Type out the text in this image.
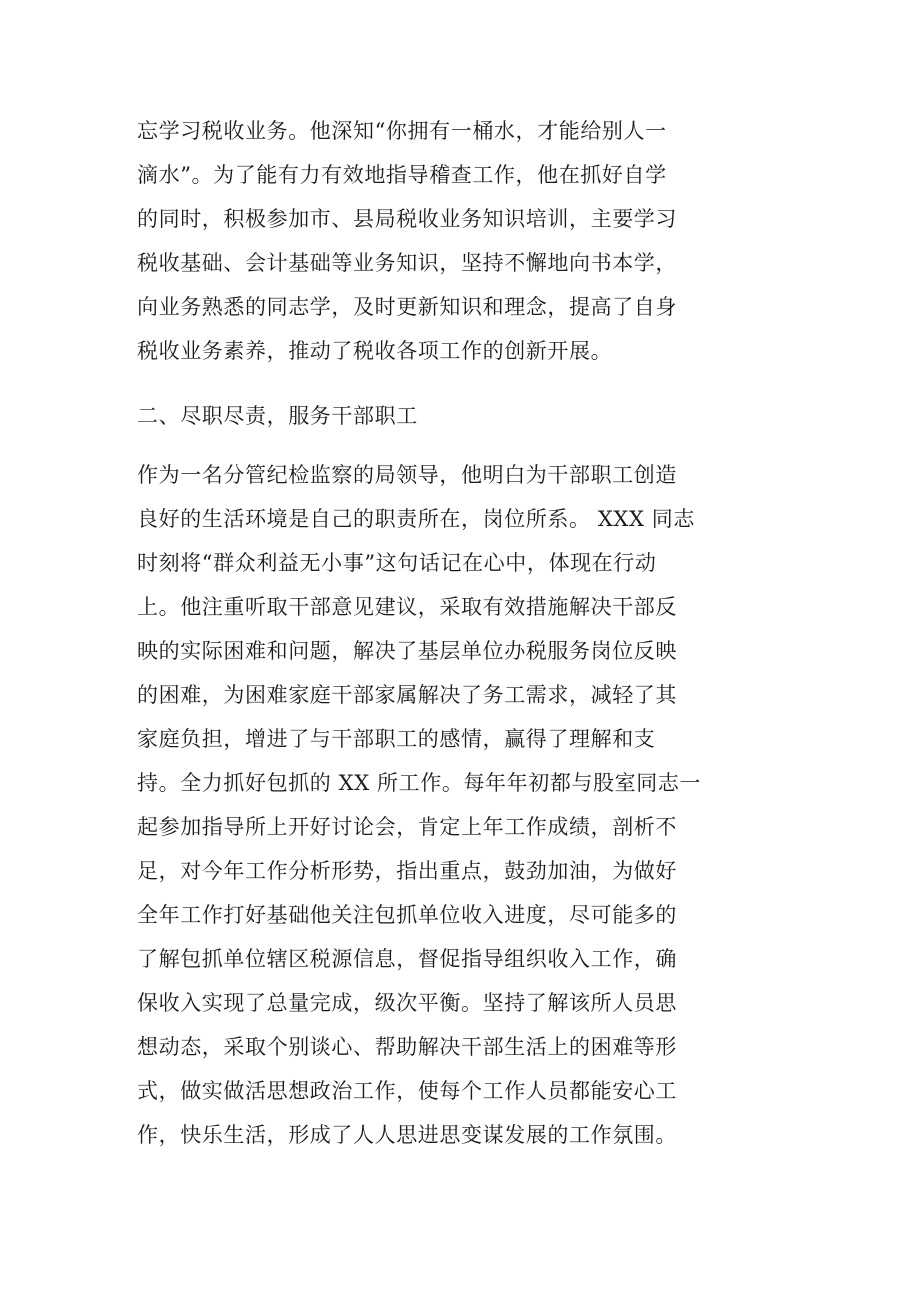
忘学习税收业务。他深知“你拥有一桶水，才能给别人一

滴水”。为了能有力有效地指导稽查工作，他在抓好自学

的同时，积极参加市、县局税收业务知识培训，主要学习

税收基础、会计基础等业务知识，坚持不懈地向书本学，

向业务熟悉的同志学，及时更新知识和理念，提高了自身

税收业务素养，推动了税收各项工作的创新开展。

二、尽职尽责，服务干部职工

作为一名分管纪检监察的局领导，他明白为干部职工创造

良好的生活环境是自己的职责所在，岗位所系。 XXX 同志

时刻将“群众利益无小事”这句话记在心中，体现在行动

上。他注重听取干部意见建议，采取有效措施解决干部反

映的实际困难和问题，解决了基层单位办税服务岗位反映

的困难，为困难家庭干部家属解决了务工需求，减轻了其

家庭负担，增进了与干部职工的感情，赢得了理解和支

持。全力抓好包抓的 XX 所工作。每年年初都与股室同志一

起参加指导所上开好讨论会，肯定上年工作成绩，剖析不

足，对今年工作分析形势，指出重点，鼓劲加油，为做好

全年工作打好基础他关注包抓单位收入进度，尽可能多的

了解包抓单位辖区税源信息，督促指导组织收入工作，确

保收入实现了总量完成，级次平衡。坚持了解该所人员思

想动态，采取个别谈心、帮助解决干部生活上的困难等形

式，做实做活思想政治工作，使每个工作人员都能安心工

作，快乐生活，形成了人人思进思变谋发展的工作氛围。
